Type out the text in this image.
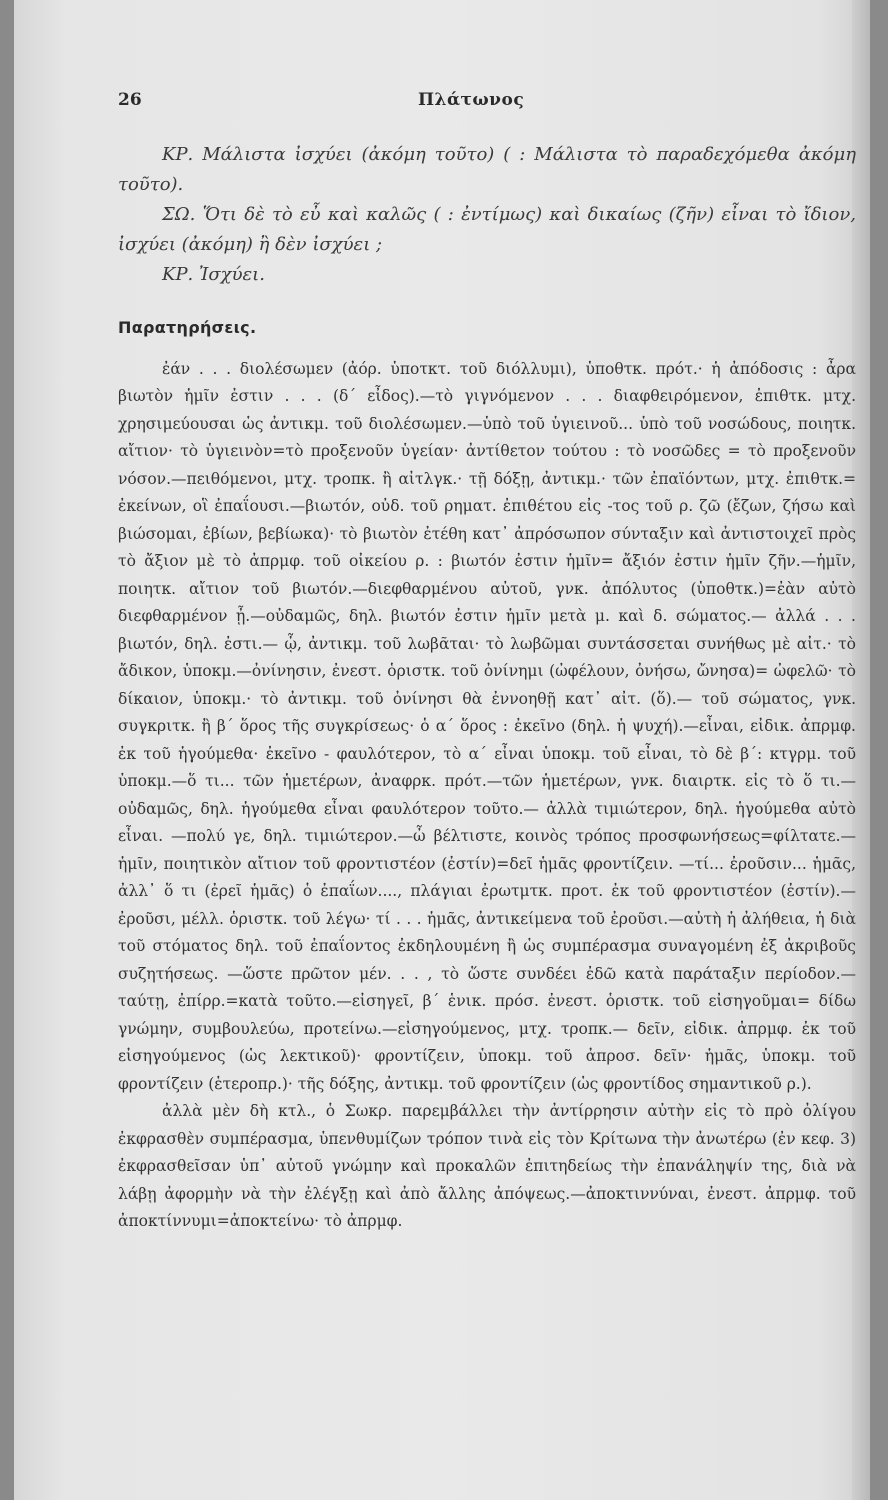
26	Πλάτωνος

ΚΡ. Μάλιστα ἰσχύει (ἀκόμη τοῦτο) ( : Μάλιστα τὸ παραδεχόμεθα ἀκόμη τοῦτο).

ΣΩ. Ὅτι δὲ τὸ εὖ καὶ καλῶς ( : ἐντίμως) καὶ δικαίως (ζῆν) εἶναι τὸ ἴδιον, ἰσχύει (ἀκόμη) ἢ δὲν ἰσχύει ;

ΚΡ. Ἰσχύει.

Παρατηρήσεις.

ἐάν . . . διολέσωμεν (ἀόρ. ὑποτκτ. τοῦ διόλλυμι), ὑποθτκ. πρότ.· ἡ ἀπόδοσις : ἆρα βιωτὸν ἡμῖν ἐστιν . . . (δ΄ εἶδος).—τὸ γιγνόμενον . . . διαφθειρόμενον, ἐπιθτκ. μτχ. χρησιμεύουσαι ὡς ἀντικμ. τοῦ διολέσωμεν.—ὑπὸ τοῦ ὑγιεινοῦ... ὑπὸ τοῦ νοσώδους, ποιητκ. αἴτιον· τὸ ὑγιεινὸν=τὸ προξενοῦν ὑγείαν· ἀντίθετον τούτου : τὸ νοσῶδες = τὸ προξενοῦν νόσον.—πειθόμενοι, μτχ. τροπκ. ἢ αἰτλγκ.· τῇ δόξῃ, ἀντικμ.· τῶν ἐπαϊόντων, μτχ. ἐπιθτκ.= ἐκείνων, οἳ ἐπαΐουσι.—βιωτόν, οὐδ. τοῦ ρηματ. ἐπιθέτου εἰς -τος τοῦ ρ. ζῶ (ἔζων, ζήσω καὶ βιώσομαι, ἐβίων, βεβίωκα)· τὸ βιωτὸν ἐτέθη κατ᾿ ἀπρόσωπον σύνταξιν καὶ ἀντιστοιχεῖ πρὸς τὸ ἄξιον μὲ τὸ ἀπρμφ. τοῦ οἰκείου ρ. : βιωτόν ἐστιν ἡμῖν= ἄξιόν ἐστιν ἡμῖν ζῆν.—ἡμῖν, ποιητκ. αἴτιον τοῦ βιωτόν.—διεφθαρμένου αὐτοῦ, γνκ. ἀπόλυτος (ὑποθτκ.)=ἐὰν αὐτὸ διεφθαρμένον ᾖ.—οὐδαμῶς, δηλ. βιωτόν ἐστιν ἡμῖν μετὰ μ. καὶ δ. σώματος.— ἀλλά . . . βιωτόν, δηλ. ἐστι.— ᾧ, ἀντικμ. τοῦ λωβᾶται· τὸ λωβῶμαι συντάσσεται συνήθως μὲ αἰτ.· τὸ ἄδικον, ὑποκμ.—ὀνίνησιν, ἐνεστ. ὁριστκ. τοῦ ὀνίνημι (ὠφέλουν, ὀνήσω, ὤνησα)= ὠφελῶ· τὸ δίκαιον, ὑποκμ.· τὸ ἀντικμ. τοῦ ὀνίνησι θὰ ἐννοηθῇ κατ᾿ αἰτ. (ὅ).— τοῦ σώματος, γνκ. συγκριτκ. ἢ β΄ ὅρος τῆς συγκρίσεως· ὁ α΄ ὅρος : ἐκεῖνο (δηλ. ἡ ψυχή).—εἶναι, εἰδικ. ἀπρμφ. ἐκ τοῦ ἡγούμεθα· ἐκεῖνο - φαυλότερον, τὸ α΄ εἶναι ὑποκμ. τοῦ εἶναι, τὸ δὲ β΄: κτγρμ. τοῦ ὑποκμ.—ὅ τι... τῶν ἡμετέρων, ἀναφρκ. πρότ.—τῶν ἡμετέρων, γνκ. διαιρτκ. εἰς τὸ ὅ τι.—οὐδαμῶς, δηλ. ἡγούμεθα εἶναι φαυλότερον τοῦτο.— ἀλλὰ τιμιώτερον, δηλ. ἡγούμεθα αὐτὸ εἶναι. —πολύ γε, δηλ. τιμιώτερον.—ὦ βέλτιστε, κοινὸς τρόπος προσφωνήσεως=φίλτατε.—ἡμῖν, ποιητικὸν αἴτιον τοῦ φροντιστέον (ἐστίν)=δεῖ ἡμᾶς φροντίζειν. —τί... ἐροῦσιν... ἡμᾶς, ἀλλ᾿ ὅ τι (ἐρεῖ ἡμᾶς) ὁ ἐπαΐων...., πλάγιαι ἐρωτμτκ. προτ. ἐκ τοῦ φροντιστέον (ἐστίν).— ἐροῦσι, μέλλ. ὁριστκ. τοῦ λέγω· τί . . . ἡμᾶς, ἀντικείμενα τοῦ ἐροῦσι.—αὐτὴ ἡ ἀλήθεια, ἡ διὰ τοῦ στόματος δηλ. τοῦ ἐπαΐοντος ἐκδηλουμένη ἢ ὡς συμπέρασμα συναγομένη ἐξ ἀκριβοῦς συζητήσεως. —ὥστε πρῶτον μέν. . . , τὸ ὥστε συνδέει ἐδῶ κατὰ παράταξιν περίοδον.—ταύτῃ, ἐπίρρ.=κατὰ τοῦτο.—εἰσηγεῖ, β΄ ἑνικ. πρόσ. ἐνεστ. ὁριστκ. τοῦ εἰσηγοῦμαι= δίδω γνώμην, συμβουλεύω, προτείνω.—εἰσηγούμενος, μτχ. τροπκ.— δεῖν, εἰδικ. ἀπρμφ. ἐκ τοῦ εἰσηγούμενος (ὡς λεκτικοῦ)· φροντίζειν, ὑποκμ. τοῦ ἀπροσ. δεῖν· ἡμᾶς, ὑποκμ. τοῦ φροντίζειν (ἑτεροπρ.)· τῆς δόξης, ἀντικμ. τοῦ φροντίζειν (ὡς φροντίδος σημαντικοῦ ρ.).

ἀλλὰ μὲν δὴ κτλ., ὁ Σωκρ. παρεμβάλλει τὴν ἀντίρρησιν αὐτὴν εἰς τὸ πρὸ ὀλίγου ἐκφρασθὲν συμπέρασμα, ὑπενθυμίζων τρόπον τινὰ εἰς τὸν Κρίτωνα τὴν ἀνωτέρω (ἐν κεφ. 3) ἐκφρασθεῖσαν ὑπ᾿ αὐτοῦ γνώμην καὶ προκαλῶν ἐπιτηδείως τὴν ἐπανάληψίν της, διὰ νὰ λάβῃ ἀφορμὴν νὰ τὴν ἐλέγξῃ καὶ ἀπὸ ἄλλης ἀπόψεως.—ἀποκτιννύναι, ἐνεστ. ἀπρμφ. τοῦ ἀποκτίννυμι=ἀποκτείνω· τὸ ἀπρμφ.
